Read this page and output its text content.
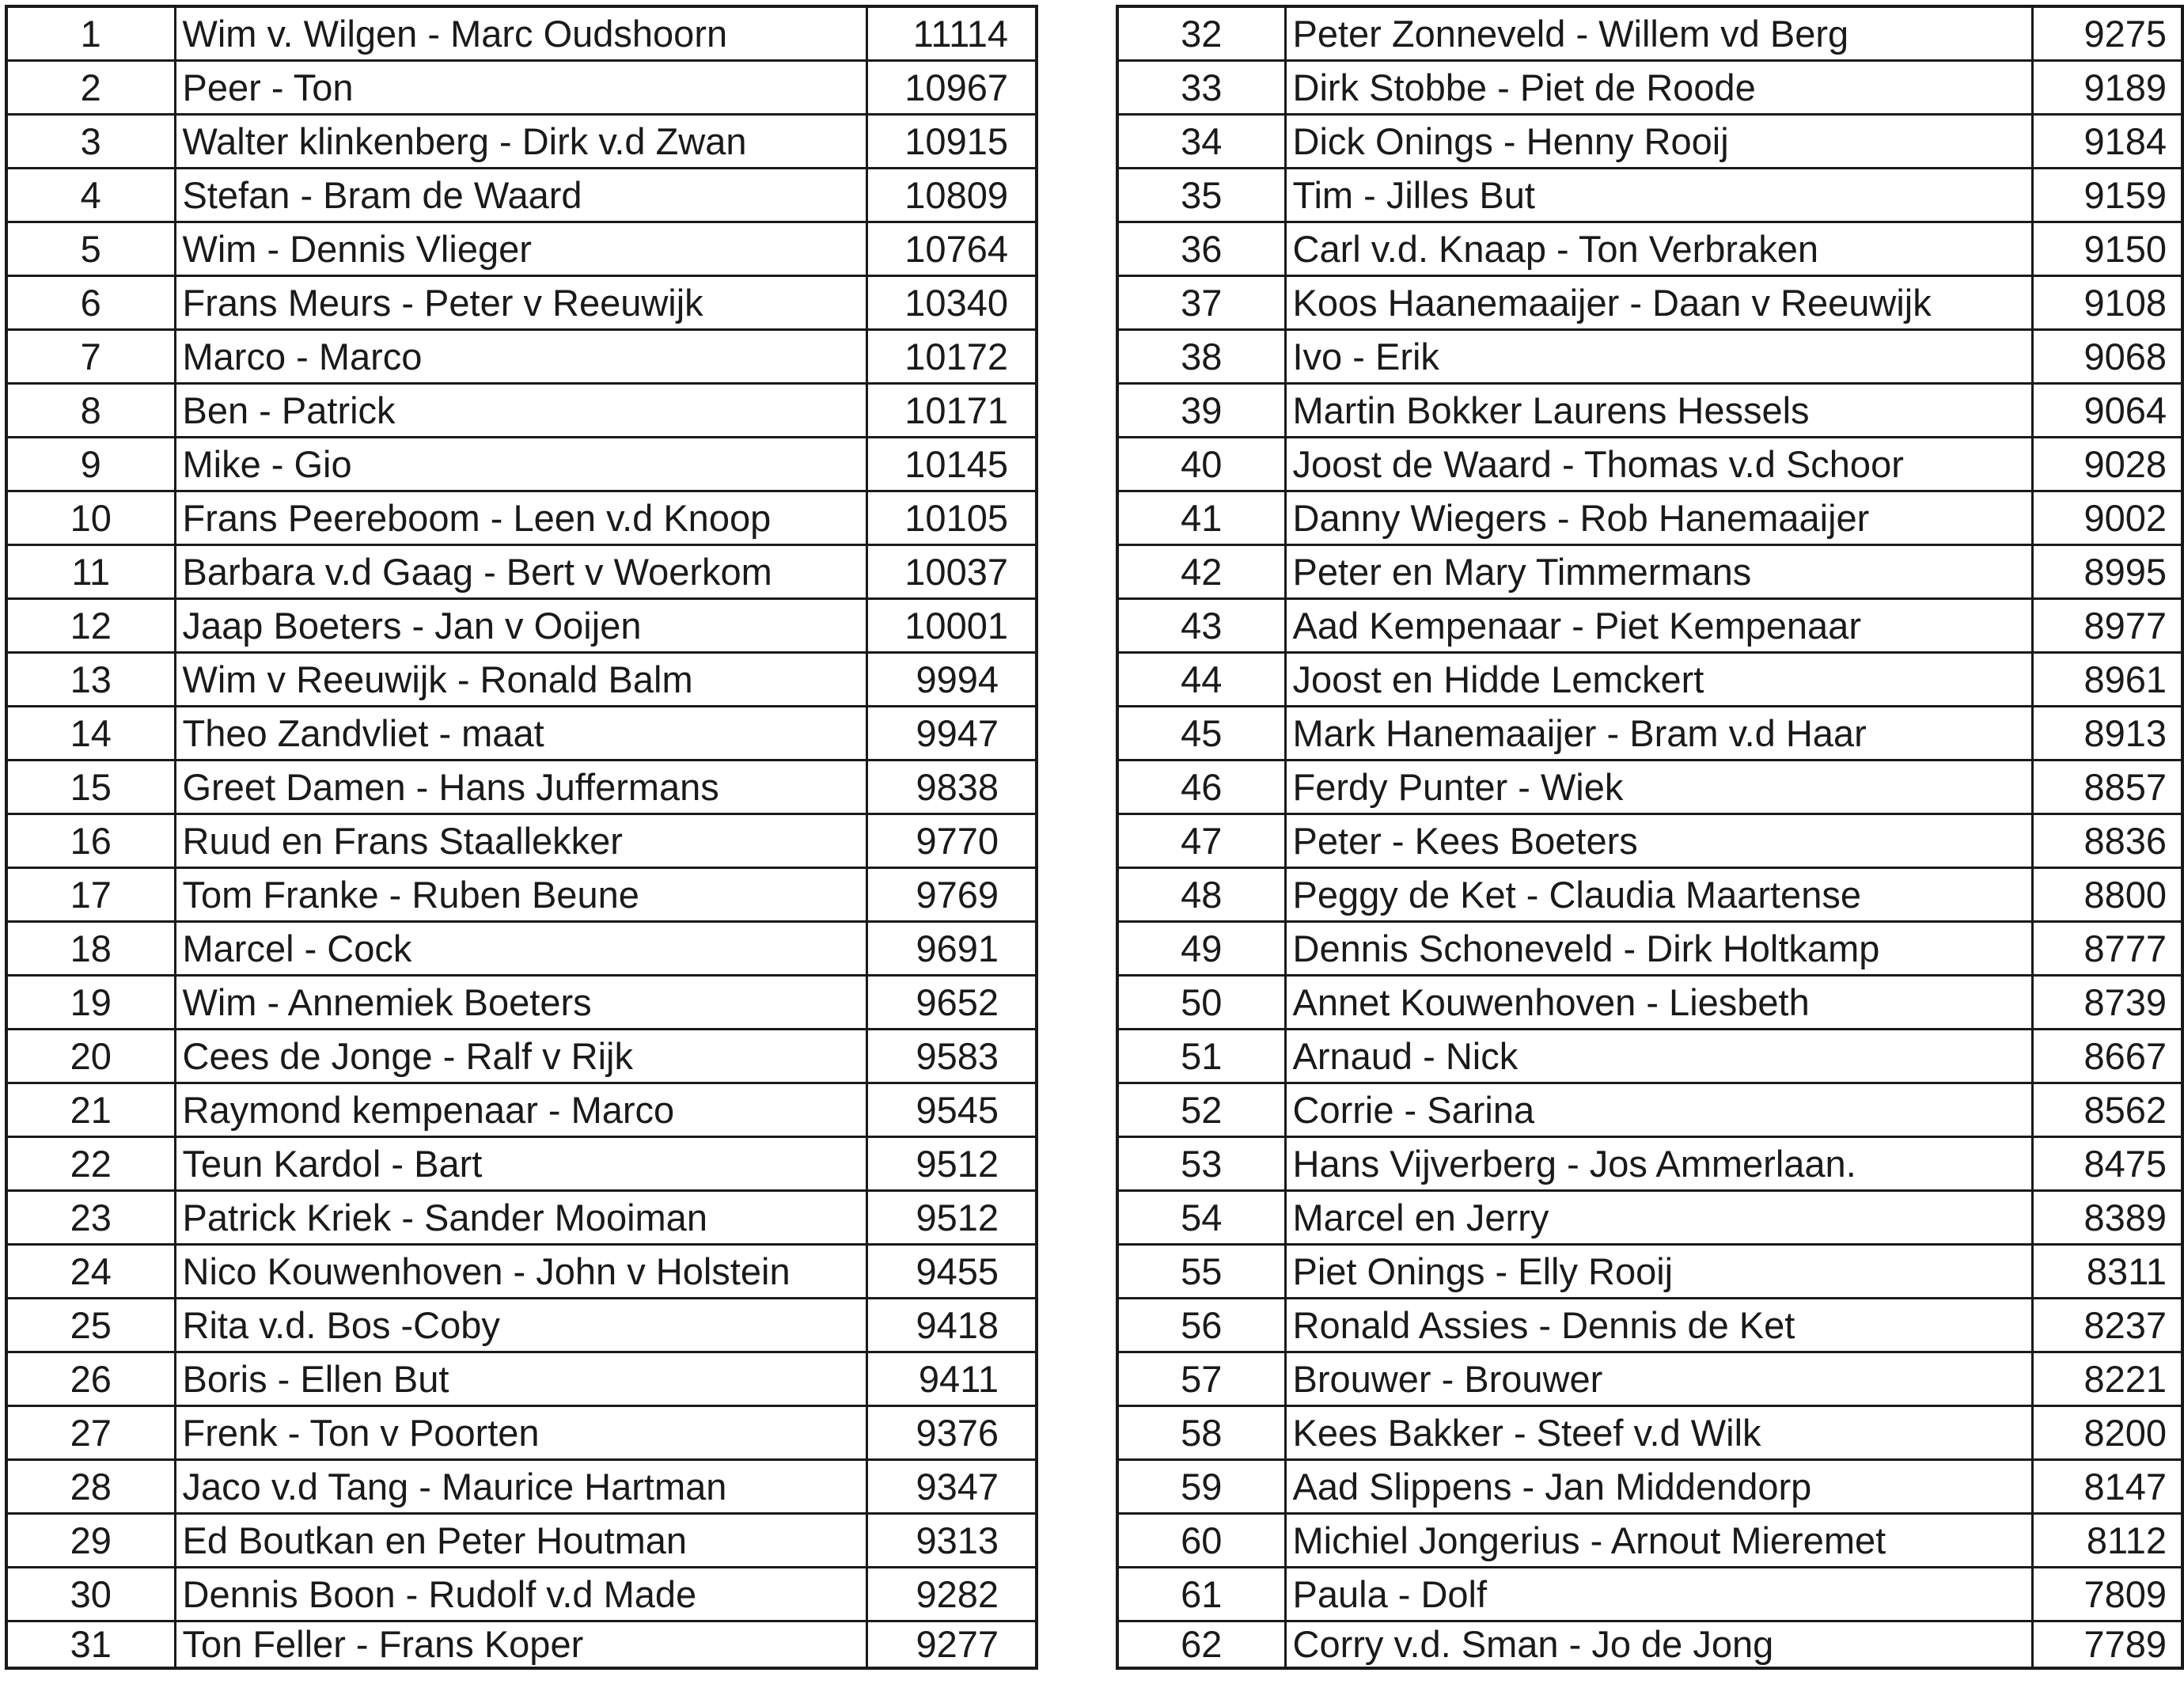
1	Wim v. Wilgen - Marc Oudshoorn	11114
2	Peer - Ton	10967
3	Walter klinkenberg - Dirk v.d Zwan	10915
4	Stefan - Bram de Waard	10809
5	Wim - Dennis Vlieger	10764
6	Frans Meurs - Peter v Reeuwijk	10340
7	Marco - Marco	10172
8	Ben - Patrick	10171
9	Mike - Gio	10145
10	Frans Peereboom - Leen v.d Knoop	10105
11	Barbara v.d Gaag - Bert v Woerkom	10037
12	Jaap Boeters - Jan v Ooijen	10001
13	Wim v Reeuwijk - Ronald Balm	9994
14	Theo Zandvliet - maat	9947
15	Greet Damen - Hans Juffermans	9838
16	Ruud en Frans Staallekker	9770
17	Tom Franke - Ruben Beune	9769
18	Marcel - Cock	9691
19	Wim - Annemiek Boeters	9652
20	Cees de Jonge - Ralf v Rijk	9583
21	Raymond kempenaar - Marco	9545
22	Teun Kardol - Bart	9512
23	Patrick Kriek - Sander Mooiman	9512
24	Nico Kouwenhoven - John v Holstein	9455
25	Rita v.d. Bos -Coby	9418
26	Boris - Ellen But	9411
27	Frenk - Ton v Poorten	9376
28	Jaco v.d Tang - Maurice Hartman	9347
29	Ed Boutkan en Peter Houtman	9313
30	Dennis Boon - Rudolf v.d Made	9282
31	Ton Feller - Frans Koper	9277
32	Peter Zonneveld - Willem vd Berg	9275
33	Dirk Stobbe - Piet de Roode	9189
34	Dick Onings - Henny Rooij	9184
35	Tim - Jilles But	9159
36	Carl v.d. Knaap - Ton Verbraken	9150
37	Koos Haanemaaijer - Daan v Reeuwijk	9108
38	Ivo - Erik	9068
39	Martin Bokker Laurens Hessels	9064
40	Joost de Waard - Thomas v.d Schoor	9028
41	Danny Wiegers - Rob Hanemaaijer	9002
42	Peter en Mary Timmermans	8995
43	Aad Kempenaar - Piet Kempenaar	8977
44	Joost en Hidde Lemckert	8961
45	Mark Hanemaaijer - Bram v.d Haar	8913
46	Ferdy Punter - Wiek	8857
47	Peter - Kees Boeters	8836
48	Peggy de Ket - Claudia Maartense	8800
49	Dennis Schoneveld - Dirk Holtkamp	8777
50	Annet Kouwenhoven - Liesbeth	8739
51	Arnaud - Nick	8667
52	Corrie - Sarina	8562
53	Hans Vijverberg - Jos Ammerlaan.	8475
54	Marcel en Jerry	8389
55	Piet Onings - Elly Rooij	8311
56	Ronald Assies - Dennis de Ket	8237
57	Brouwer - Brouwer	8221
58	Kees Bakker - Steef v.d Wilk	8200
59	Aad Slippens - Jan Middendorp	8147
60	Michiel Jongerius - Arnout Mieremet	8112
61	Paula - Dolf	7809
62	Corry v.d. Sman - Jo de Jong	7789
